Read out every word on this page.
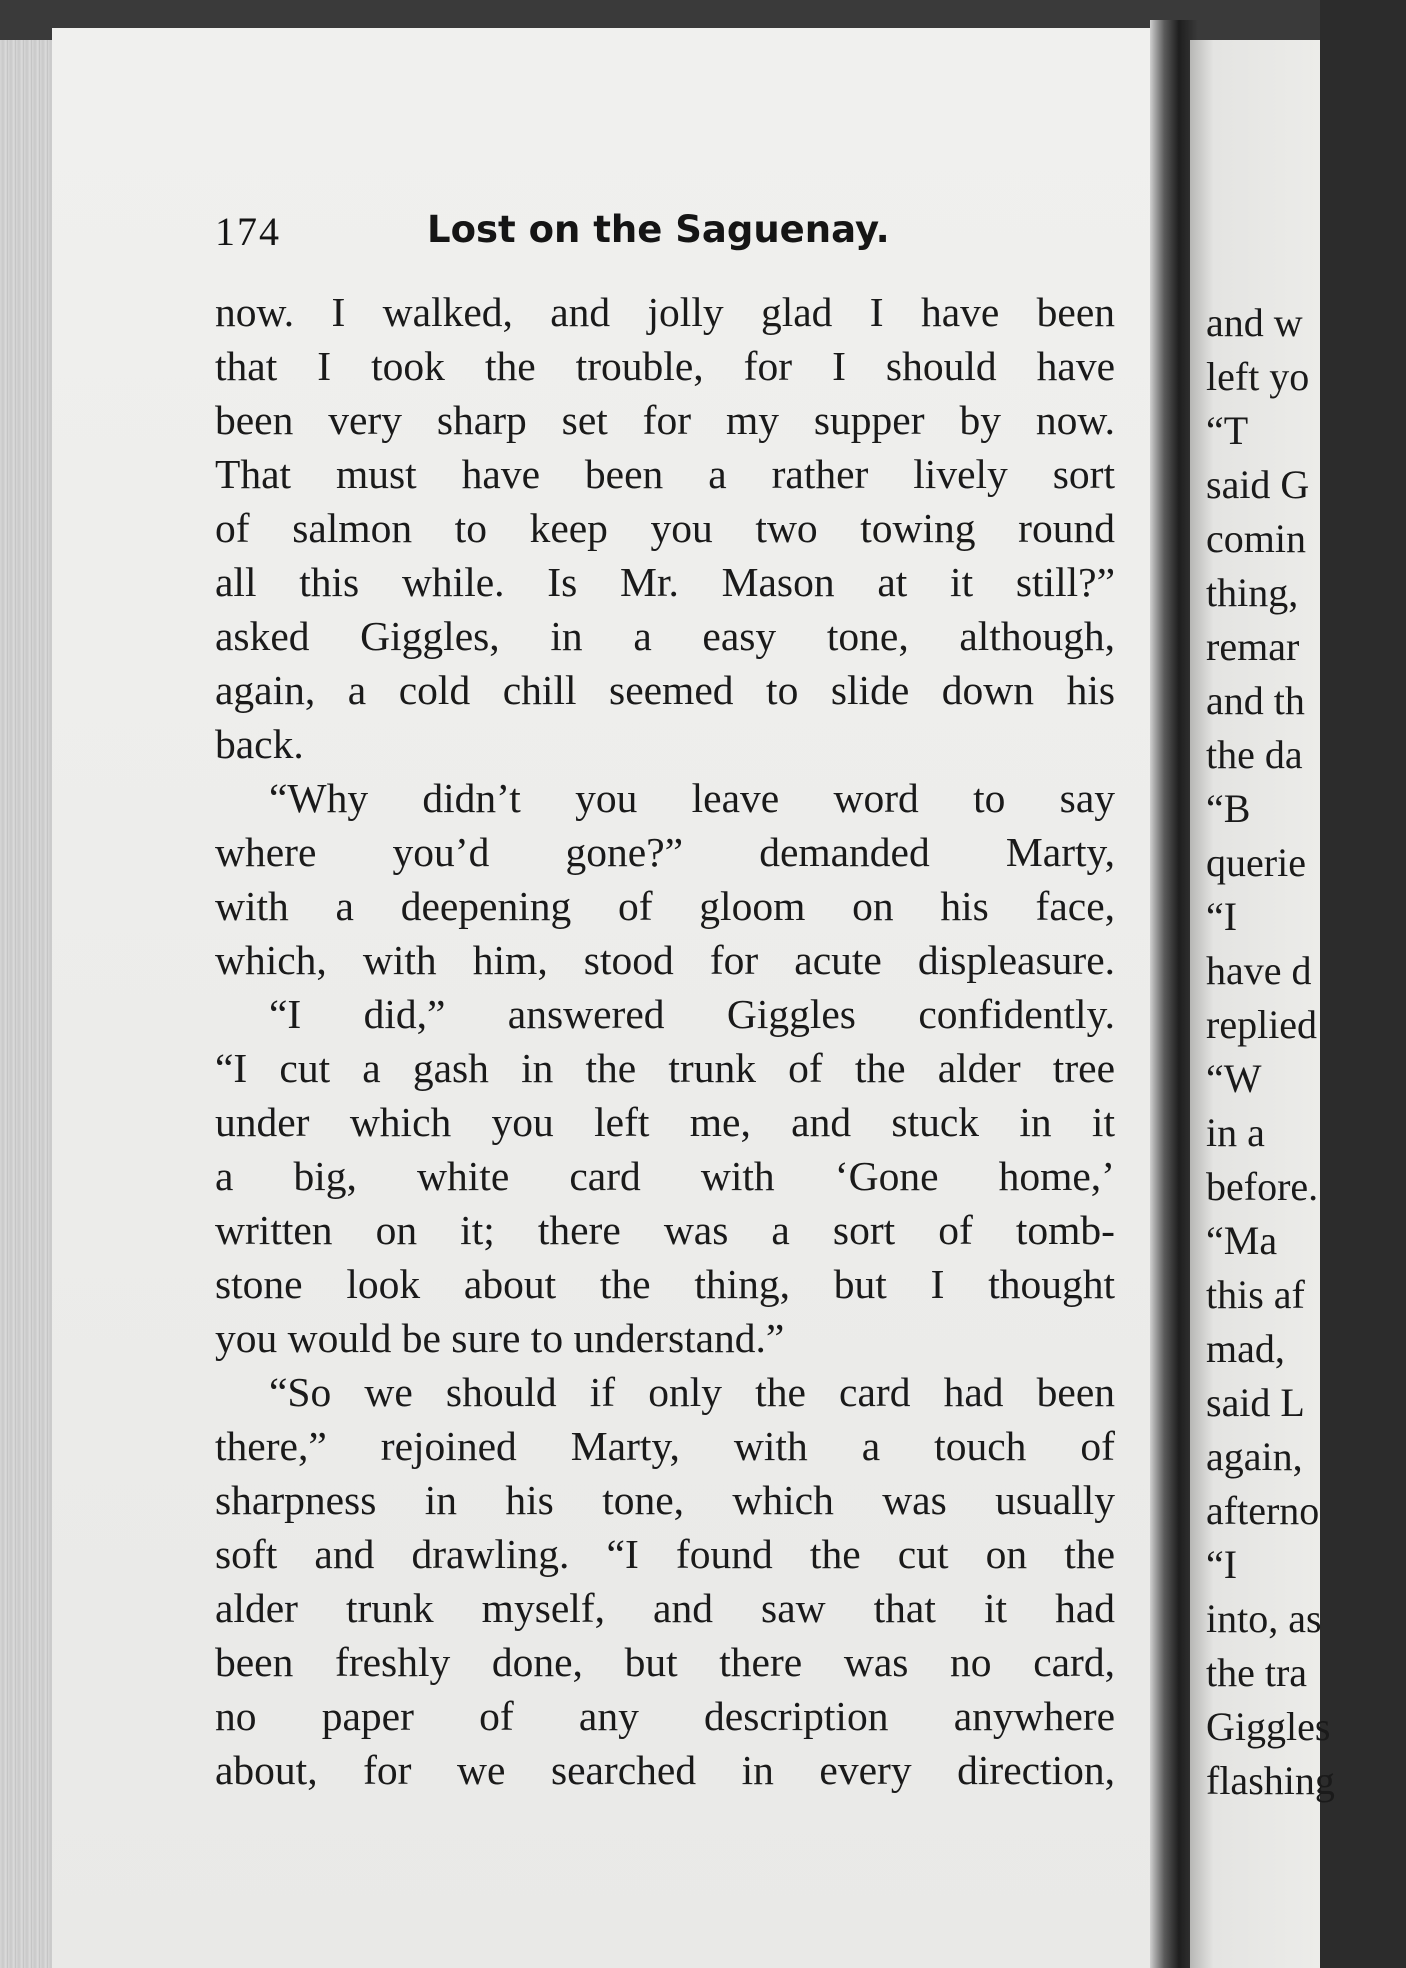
174	Lost on the Saguenay.
now. I walked, and jolly glad I have been
that I took the trouble, for I should have
been very sharp set for my supper by now.
That must have been a rather lively sort
of salmon to keep you two towing round
all this while. Is Mr. Mason at it still?”
asked Giggles, in a easy tone, although,
again, a cold chill seemed to slide down his
back.
“Why didn’t you leave word to say
where you’d gone?” demanded Marty,
with a deepening of gloom on his face,
which, with him, stood for acute displeasure.
“I did,” answered Giggles confidently.
“I cut a gash in the trunk of the alder tree
under which you left me, and stuck in it
a big, white card with ‘Gone home,’
written on it; there was a sort of tomb-
stone look about the thing, but I thought
you would be sure to understand.”
“So we should if only the card had been
there,” rejoined Marty, with a touch of
sharpness in his tone, which was usually
soft and drawling. “I found the cut on the
alder trunk myself, and saw that it had
been freshly done, but there was no card,
no paper of any description anywhere
about, for we searched in every direction,
and w
left yo
“T
said G
comin
thing,
remar
and th
the da
“B
querie
“I
have d
replied
“W
in a
before.
“Ma
this af
mad,
said L
again,
afterno
“I
into, as
the tra
Giggles
flashing
